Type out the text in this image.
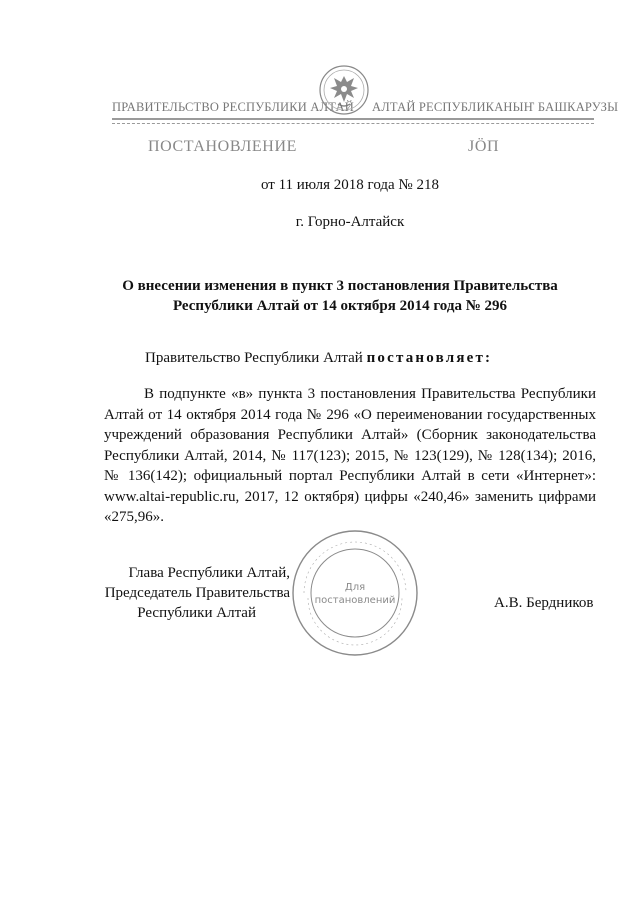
ПРАВИТЕЛЬСТВО РЕСПУБЛИКИ АЛТАЙ АЛТАЙ РЕСПУБЛИКАНЫҤ БАШКАРУЗЫ
ПОСТАНОВЛЕНИЕ	ЈӦП
от 11 июля 2018 года № 218
г. Горно-Алтайск
О внесении изменения в пункт 3 постановления Правительства
Республики Алтай от 14 октября 2014 года № 296
Правительство Республики Алтай постановляет:
В подпункте «в» пункта 3 постановления Правительства Республики Алтай от 14 октября 2014 года № 296 «О переименовании государственных учреждений образования Республики Алтай» (Сборник законодательства Республики Алтай, 2014, № 117(123); 2015, № 123(129), № 128(134); 2016, № 136(142); официальный портал Республики Алтай в сети «Интернет»: www.altai-republic.ru, 2017, 12 октября) цифры «240,46» заменить цифрами «275,96».
Глава Республики Алтай,
Председатель Правительства
Республики Алтай
Для
постановлений	А.В. Бердников
